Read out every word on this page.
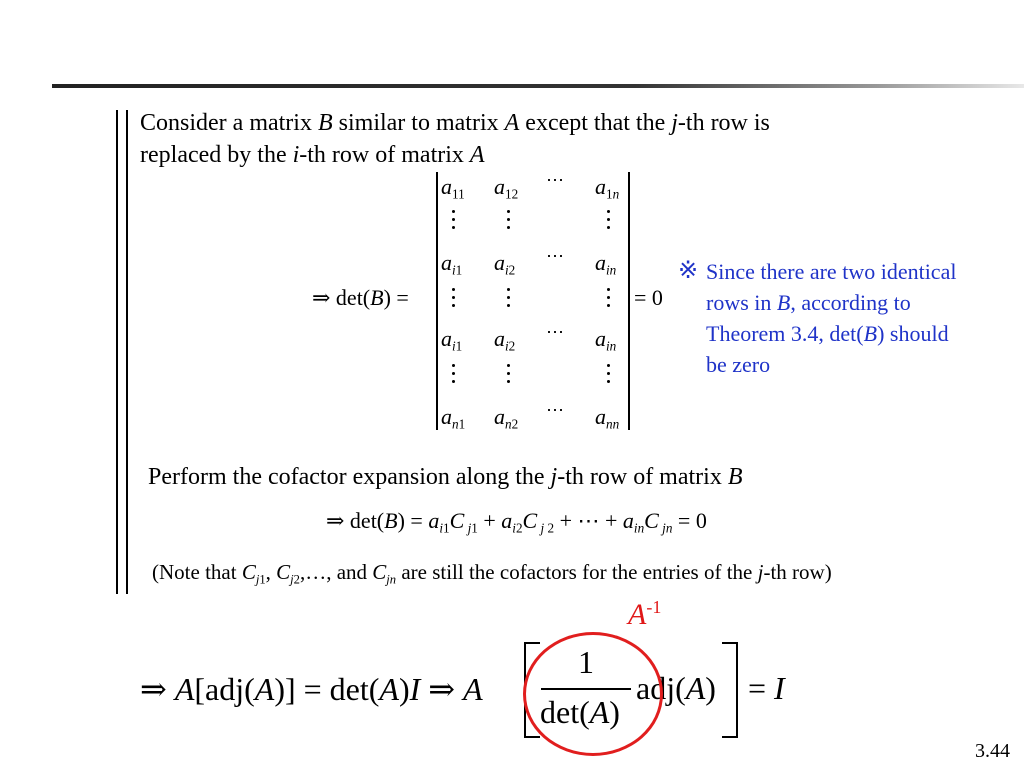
Consider a matrix B similar to matrix A except that the j-th row is
replaced by the i-th row of matrix A
⇒ det(B) =
$a_{11}$ $a_{12}$
⋯ $a_{1n}$
$a_{i1}$ $a_{i2}$
⋯ $a_{in}$
$a_{i1}$ $a_{i2}$
⋯ $a_{in}$
$a_{n1}$ $a_{n2}$
⋯ $a_{nn}$
= 0
※ Since there are two identical
rows in B, according to
Theorem 3.4, det(B) should
be zero
Perform the cofactor expansion along the j-th row of matrix B
⇒ $\det(B) = a_{i1}C$ $_{j1} + a_{i2}C$ $_{j 2}$ + ⋯ + $a_{in}C$ $_{jn}$ = 0
(Note that $C_{j1}$, $C_{j2},\dots$, and $C_{jn}$ are still the cofactors for the entries of the j-th row)
$A^{-1}$
⇒ A[adj(A)] = det(A)I ⇒ A
1
det(A)
adj(A) = I
3.44
